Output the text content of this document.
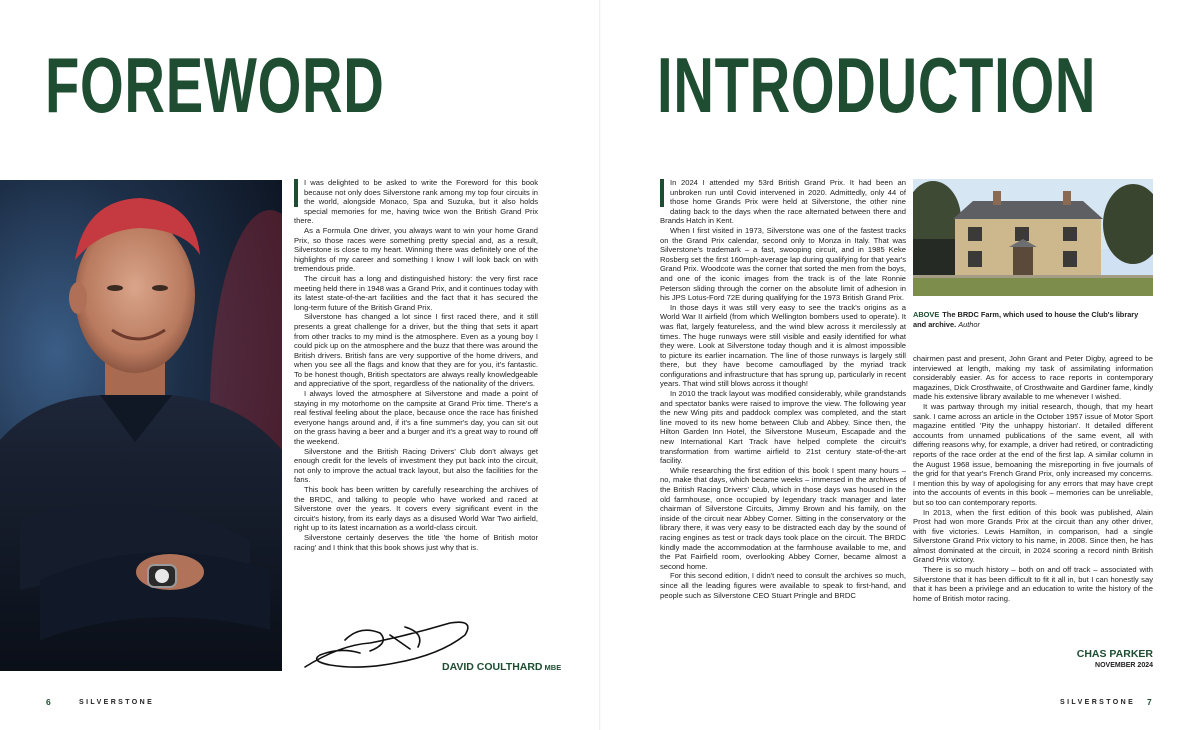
FOREWORD

I was delighted to be asked to write the Foreword for this book because not only does Silverstone rank among my top four circuits in the world, alongside Monaco, Spa and Suzuka, but it also holds special memories for me, having twice won the British Grand Prix there.

As a Formula One driver, you always want to win your home Grand Prix, so those races were something pretty special and, as a result, Silverstone is close to my heart. Winning there was definitely one of the highlights of my career and something I know I will look back on with tremendous pride.

The circuit has a long and distinguished history: the very first race meeting held there in 1948 was a Grand Prix, and it continues today with its latest state-of-the-art facilities and the fact that it has secured the long-term future of the British Grand Prix.

Silverstone has changed a lot since I first raced there, and it still presents a great challenge for a driver, but the thing that sets it apart from other tracks to my mind is the atmosphere. Even as a young boy I could pick up on the atmosphere and the buzz that there was around the British drivers. British fans are very supportive of the home drivers, and when you see all the flags and know that they are for you, it's fantastic. To be honest though, British spectators are always really knowledgeable and appreciative of the sport, regardless of the nationality of the drivers.

I always loved the atmosphere at Silverstone and made a point of staying in my motorhome on the campsite at Grand Prix time. There's a real festival feeling about the place, because once the race has finished everyone hangs around and, if it's a fine summer's day, you can sit out on the grass having a beer and a burger and it's a great way to round off the weekend.

Silverstone and the British Racing Drivers' Club don't always get enough credit for the levels of investment they put back into the circuit, not only to improve the actual track layout, but also the facilities for the fans.

This book has been written by carefully researching the archives of the BRDC, and talking to people who have worked and raced at Silverstone over the years. It covers every significant event in the circuit's history, from its early days as a disused World War Two airfield, right up to its latest incarnation as a world-class circuit.

Silverstone certainly deserves the title 'the home of British motor racing' and I think that this book shows just why that is.

DAVID COULTHARD MBE
6	SILVERSTONE
INTRODUCTION

In 2024 I attended my 53rd British Grand Prix. It had been an unbroken run until Covid intervened in 2020. Admittedly, only 44 of those home Grands Prix were held at Silverstone, the other nine dating back to the days when the race alternated between there and Brands Hatch in Kent.

When I first visited in 1973, Silverstone was one of the fastest tracks on the Grand Prix calendar, second only to Monza in Italy. That was Silverstone's trademark – a fast, swooping circuit, and in 1985 Keke Rosberg set the first 160mph-average lap during qualifying for that year's Grand Prix. Woodcote was the corner that sorted the men from the boys, and one of the iconic images from the track is of the late Ronnie Peterson sliding through the corner on the absolute limit of adhesion in his JPS Lotus-Ford 72E during qualifying for the 1973 British Grand Prix.

In those days it was still very easy to see the track's origins as a World War II airfield (from which Wellington bombers used to operate). It was flat, largely featureless, and the wind blew across it mercilessly at times. The huge runways were still visible and easily identified for what they were. Look at Silverstone today though and it is almost impossible to picture its earlier incarnation. The line of those runways is largely still there, but they have become camouflaged by the myriad track configurations and infrastructure that has sprung up, particularly in recent years. That wind still blows across it though!

In 2010 the track layout was modified considerably, while grandstands and spectator banks were raised to improve the view. The following year the new Wing pits and paddock complex was completed, and the start line moved to its new home between Club and Abbey. Since then, the Hilton Garden Inn Hotel, the Silverstone Museum, Escapade and the new International Kart Track have helped complete the circuit's transformation from wartime airfield to 21st century state-of-the-art facility.

While researching the first edition of this book I spent many hours – no, make that days, which became weeks – immersed in the archives of the British Racing Drivers' Club, which in those days was housed in the old farmhouse, once occupied by legendary track manager and later chairman of Silverstone Circuits, Jimmy Brown and his family, on the inside of the circuit near Abbey Corner. Sitting in the conservatory or the library there, it was very easy to be distracted each day by the sound of racing engines as test or track days took place on the circuit. The BRDC kindly made the accommodation at the farmhouse available to me, and the Pat Fairfield room, overlooking Abbey Corner, became almost a second home.

For this second edition, I didn't need to consult the archives so much, since all the leading figures were available to speak to first-hand, and people such as Silverstone CEO Stuart Pringle and BRDC

ABOVE The BRDC Farm, which used to house the Club's library and archive. Author

chairmen past and present, John Grant and Peter Digby, agreed to be interviewed at length, making my task of assimilating information considerably easier. As for access to race reports in contemporary magazines, Dick Crosthwaite, of Crosthwaite and Gardiner fame, kindly made his extensive library available to me whenever I wished.

It was partway through my initial research, though, that my heart sank. I came across an article in the October 1957 issue of Motor Sport magazine entitled 'Pity the unhappy historian'. It detailed different accounts from unnamed publications of the same event, all with differing reasons why, for example, a driver had retired, or contradicting reports of the race order at the end of the first lap. A similar column in the August 1968 issue, bemoaning the misreporting in five journals of the grid for that year's French Grand Prix, only increased my concerns. I mention this by way of apologising for any errors that may have crept into the accounts of events in this book – memories can be unreliable, but so too can contemporary reports.

In 2013, when the first edition of this book was published, Alain Prost had won more Grands Prix at the circuit than any other driver, with five victories. Lewis Hamilton, in comparison, had a single Silverstone Grand Prix victory to his name, in 2008. Since then, he has almost dominated at the circuit, in 2024 scoring a record ninth British Grand Prix victory.

There is so much history – both on and off track – associated with Silverstone that it has been difficult to fit it all in, but I can honestly say that it has been a privilege and an education to write the history of the home of British motor racing.

CHAS PARKER
NOVEMBER 2024
SILVERSTONE 7
